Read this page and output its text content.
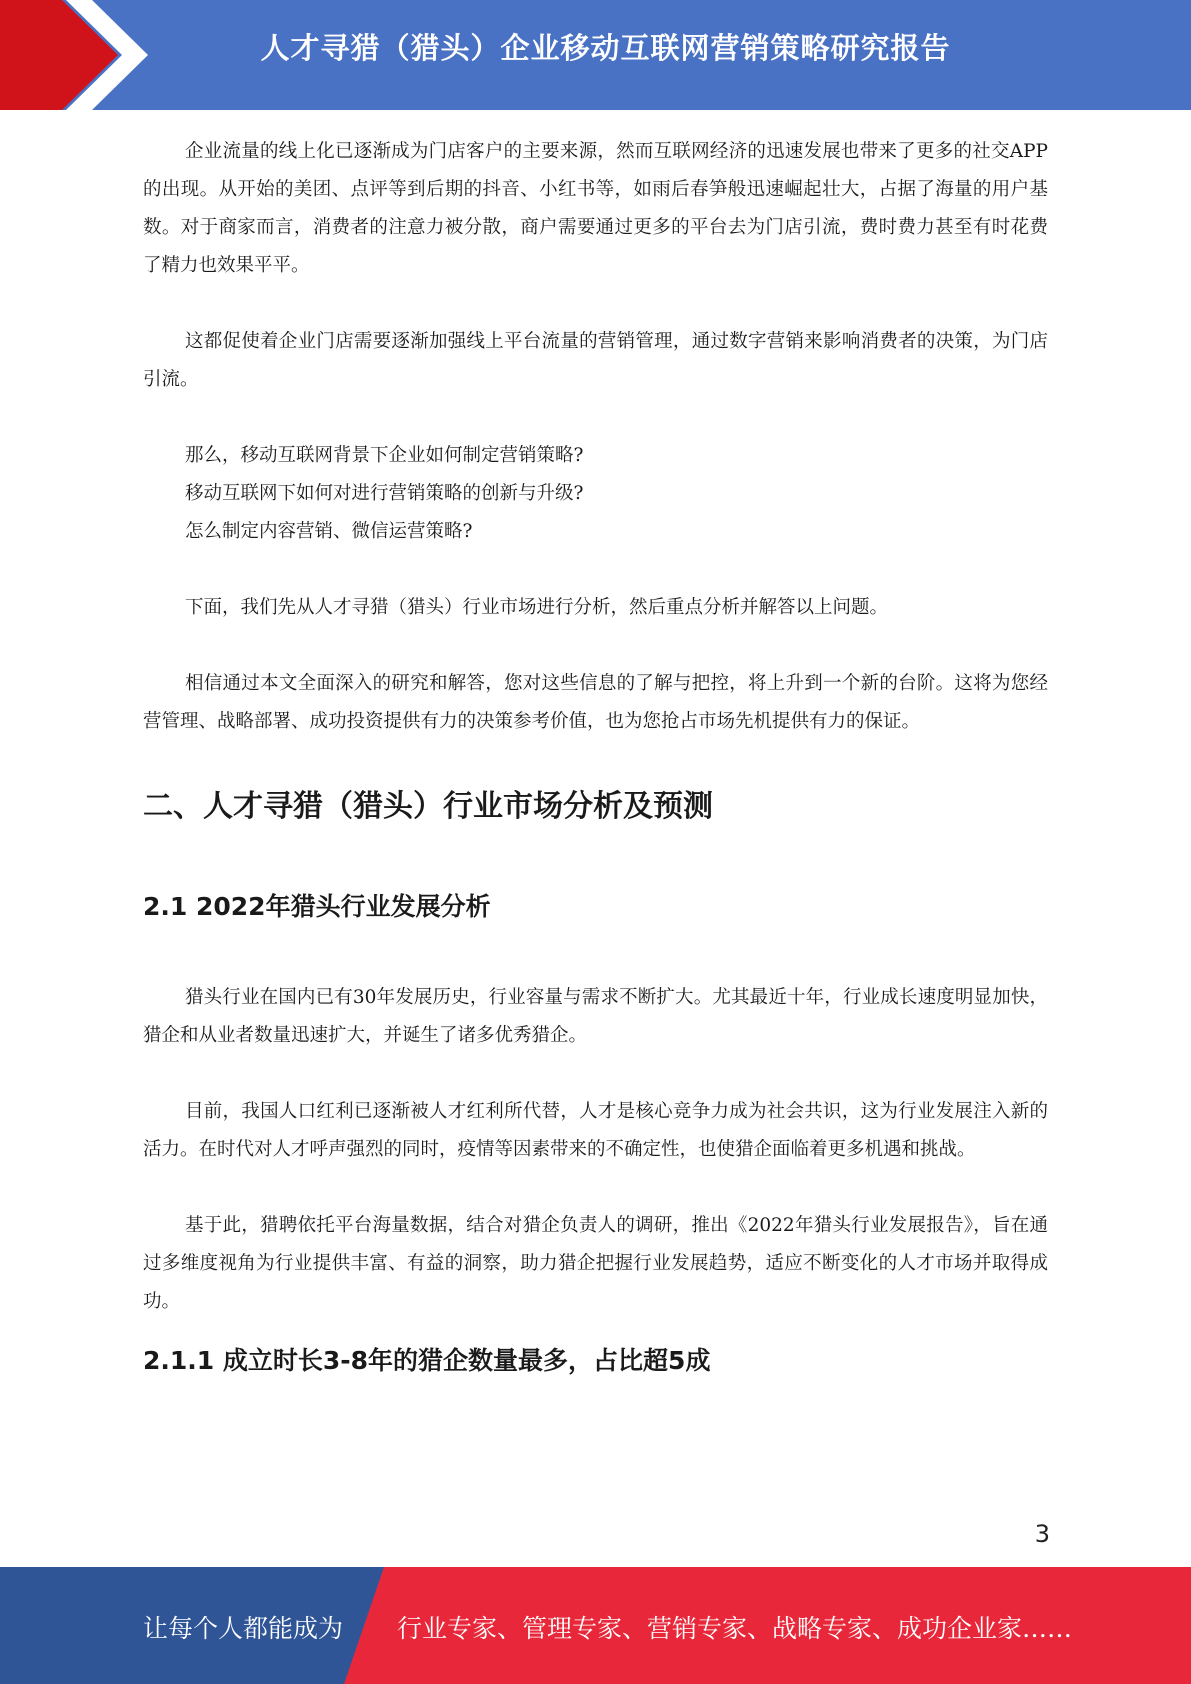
人才寻猎（猎头）企业移动互联网营销策略研究报告

企业流量的线上化已逐渐成为门店客户的主要来源，然而互联网经济的迅速发展也带来了更多的社交APP的出现。从开始的美团、点评等到后期的抖音、小红书等，如雨后春笋般迅速崛起壮大，占据了海量的用户基数。对于商家而言，消费者的注意力被分散，商户需要通过更多的平台去为门店引流，费时费力甚至有时花费了精力也效果平平。

这都促使着企业门店需要逐渐加强线上平台流量的营销管理，通过数字营销来影响消费者的决策，为门店引流。

那么，移动互联网背景下企业如何制定营销策略?

移动互联网下如何对进行营销策略的创新与升级?

怎么制定内容营销、微信运营策略?

下面，我们先从人才寻猎（猎头）行业市场进行分析，然后重点分析并解答以上问题。

相信通过本文全面深入的研究和解答，您对这些信息的了解与把控，将上升到一个新的台阶。这将为您经营管理、战略部署、成功投资提供有力的决策参考价值，也为您抢占市场先机提供有力的保证。

二、人才寻猎（猎头）行业市场分析及预测
2.1 2022年猎头行业发展分析

猎头行业在国内已有30年发展历史，行业容量与需求不断扩大。尤其最近十年，行业成长速度明显加快，猎企和从业者数量迅速扩大，并诞生了诸多优秀猎企。

目前，我国人口红利已逐渐被人才红利所代替，人才是核心竞争力成为社会共识，这为行业发展注入新的活力。在时代对人才呼声强烈的同时，疫情等因素带来的不确定性，也使猎企面临着更多机遇和挑战。

基于此，猎聘依托平台海量数据，结合对猎企负责人的调研，推出《2022年猎头行业发展报告》，旨在通过多维度视角为行业提供丰富、有益的洞察，助力猎企把握行业发展趋势，适应不断变化的人才市场并取得成功。

2.1.1 成立时长3-8年的猎企数量最多，占比超5成
3
让每个人都能成为 行业专家、管理专家、营销专家、战略专家、成功企业家……
